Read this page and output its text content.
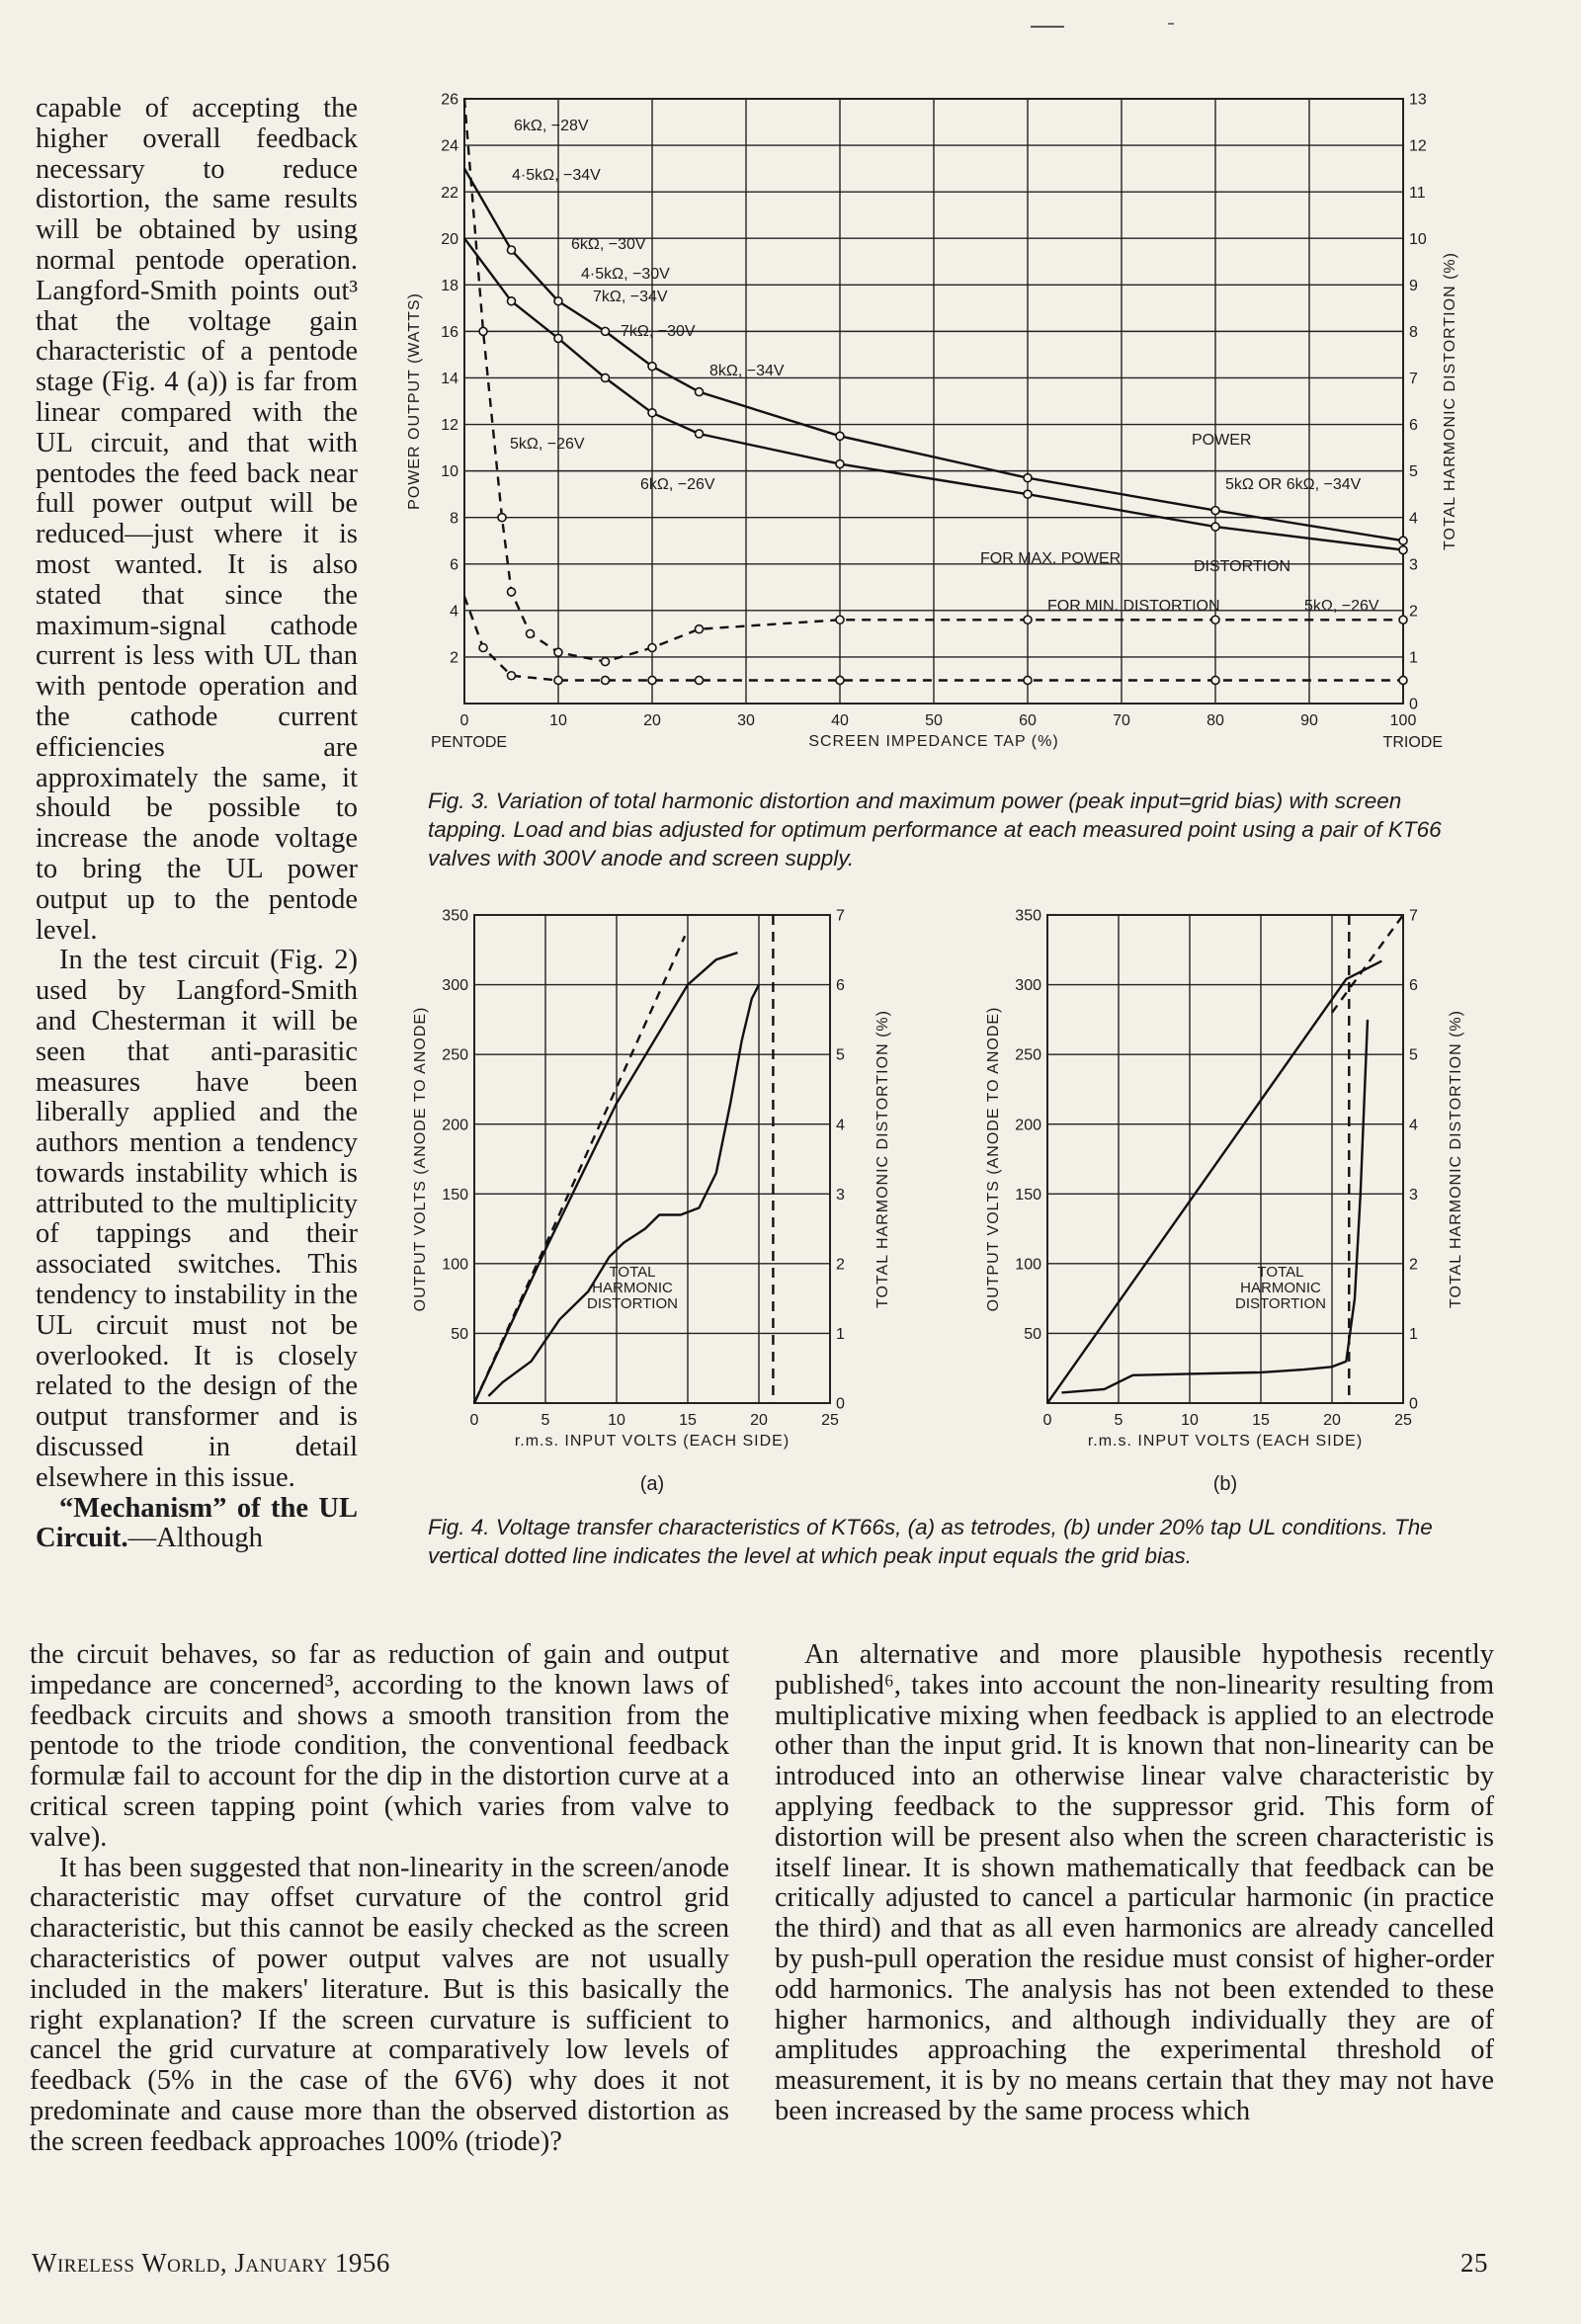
capable of accepting the higher overall feedback necessary to reduce distortion, the same results will be obtained by using normal pentode operation. Langford-Smith points out³ that the voltage gain characteristic of a pentode stage (Fig. 4 (a)) is far from linear compared with the UL circuit, and that with pentodes the feed back near full power output will be reduced—just where it is most wanted. It is also stated that since the maximum-signal cathode current is less with UL than with pentode operation and the cathode current efficiencies are approximately the same, it should be possible to increase the anode voltage to bring the UL power output up to the pentode level.

In the test circuit (Fig. 2) used by Langford-Smith and Chesterman it will be seen that anti-parasitic measures have been liberally applied and the authors mention a tendency towards instability which is attributed to the multiplicity of tappings and their associated switches. This tendency to instability in the UL circuit must not be overlooked. It is closely related to the design of the output transformer and is discussed in detail elsewhere in this issue.

“Mechanism” of the UL Circuit.—Although

0	10	20	30	40	50	60	70	80	90	100
2
4
6
8
10
12
14
16
18
20
22
24
26
0
1
2
3
4
5
6
7
8
9
10
11
12
13
SCREEN IMPEDANCE TAP (%)
POWER OUTPUT (WATTS)	TOTAL HARMONIC DISTORTION (%)
PENTODE	TRIODE
6kΩ, −28V
4·5kΩ, −34V
6kΩ, −30V
4·5kΩ, −30V
7kΩ, −34V
7kΩ, −30V
8kΩ, −34V
5kΩ, −26V
6kΩ, −26V
POWER
5kΩ OR 6kΩ, −34V
FOR MAX. POWER
FOR MIN. DISTORTION
DISTORTION
5kΩ, −26V
Fig. 3. Variation of total harmonic distortion and maximum power (peak input=grid bias) with screen tapping. Load and bias adjusted for optimum performance at each measured point using a pair of KT66 valves with 300V anode and screen supply.
0	5	10	15	20	25
50
100
150
200
250
300
350
0
1
2
3
4
5
6
7
r.m.s. INPUT VOLTS (EACH SIDE)
OUTPUT VOLTS (ANODE TO ANODE)	TOTAL HARMONIC DISTORTION (%)
(a)
TOTAL
HARMONIC
DISTORTION
0	5	10	15	20	25
50
100
150
200
250
300
350
0
1
2
3
4
5
6
7
r.m.s. INPUT VOLTS (EACH SIDE)
OUTPUT VOLTS (ANODE TO ANODE)	TOTAL HARMONIC DISTORTION (%)
(b)
TOTAL
HARMONIC
DISTORTION
Fig. 4. Voltage transfer characteristics of KT66s, (a) as tetrodes, (b) under 20% tap UL conditions. The vertical dotted line indicates the level at which peak input equals the grid bias.

the circuit behaves, so far as reduction of gain and output impedance are concerned³, according to the known laws of feedback circuits and shows a smooth transition from the pentode to the triode condition, the conventional feedback formulæ fail to account for the dip in the distortion curve at a critical screen tapping point (which varies from valve to valve).

It has been suggested that non-linearity in the screen/anode characteristic may offset curvature of the control grid characteristic, but this cannot be easily checked as the screen characteristics of power output valves are not usually included in the makers' literature. But is this basically the right explanation? If the screen curvature is sufficient to cancel the grid curvature at comparatively low levels of feedback (5% in the case of the 6V6) why does it not predominate and cause more than the observed distortion as the screen feedback approaches 100% (triode)?

An alternative and more plausible hypothesis recently published⁶, takes into account the non-linearity resulting from multiplicative mixing when feedback is applied to an electrode other than the input grid. It is known that non-linearity can be introduced into an otherwise linear valve characteristic by applying feedback to the suppressor grid. This form of distortion will be present also when the screen characteristic is itself linear. It is shown mathematically that feedback can be critically adjusted to cancel a particular harmonic (in practice the third) and that as all even harmonics are already cancelled by push-pull operation the residue must consist of higher-order odd harmonics. The analysis has not been extended to these higher harmonics, and although individually they are of amplitudes approaching the experimental threshold of measurement, it is by no means certain that they may not have been increased by the same process which

Wireless World, January 1956	25
